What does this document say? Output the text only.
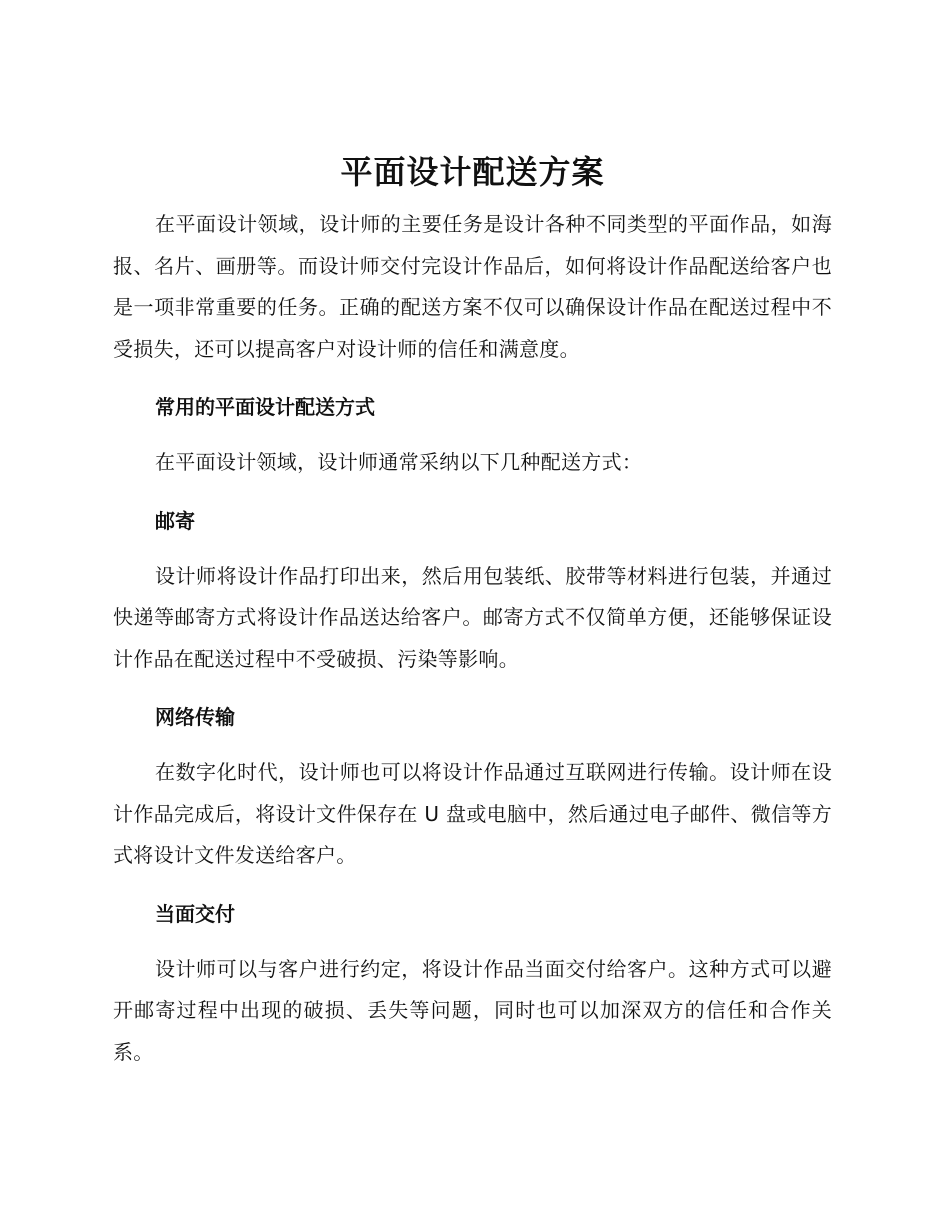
平面设计配送方案

在平面设计领域，设计师的主要任务是设计各种不同类型的平面作品，如海报、名片、画册等。而设计师交付完设计作品后，如何将设计作品配送给客户也是一项非常重要的任务。正确的配送方案不仅可以确保设计作品在配送过程中不受损失，还可以提高客户对设计师的信任和满意度。

常用的平面设计配送方式

在平面设计领域，设计师通常采纳以下几种配送方式：

邮寄

设计师将设计作品打印出来，然后用包装纸、胶带等材料进行包装，并通过快递等邮寄方式将设计作品送达给客户。邮寄方式不仅简单方便，还能够保证设计作品在配送过程中不受破损、污染等影响。

网络传输

在数字化时代，设计师也可以将设计作品通过互联网进行传输。设计师在设计作品完成后，将设计文件保存在 U 盘或电脑中，然后通过电子邮件、微信等方式将设计文件发送给客户。

当面交付

设计师可以与客户进行约定，将设计作品当面交付给客户。这种方式可以避开邮寄过程中出现的破损、丢失等问题，同时也可以加深双方的信任和合作关系。
